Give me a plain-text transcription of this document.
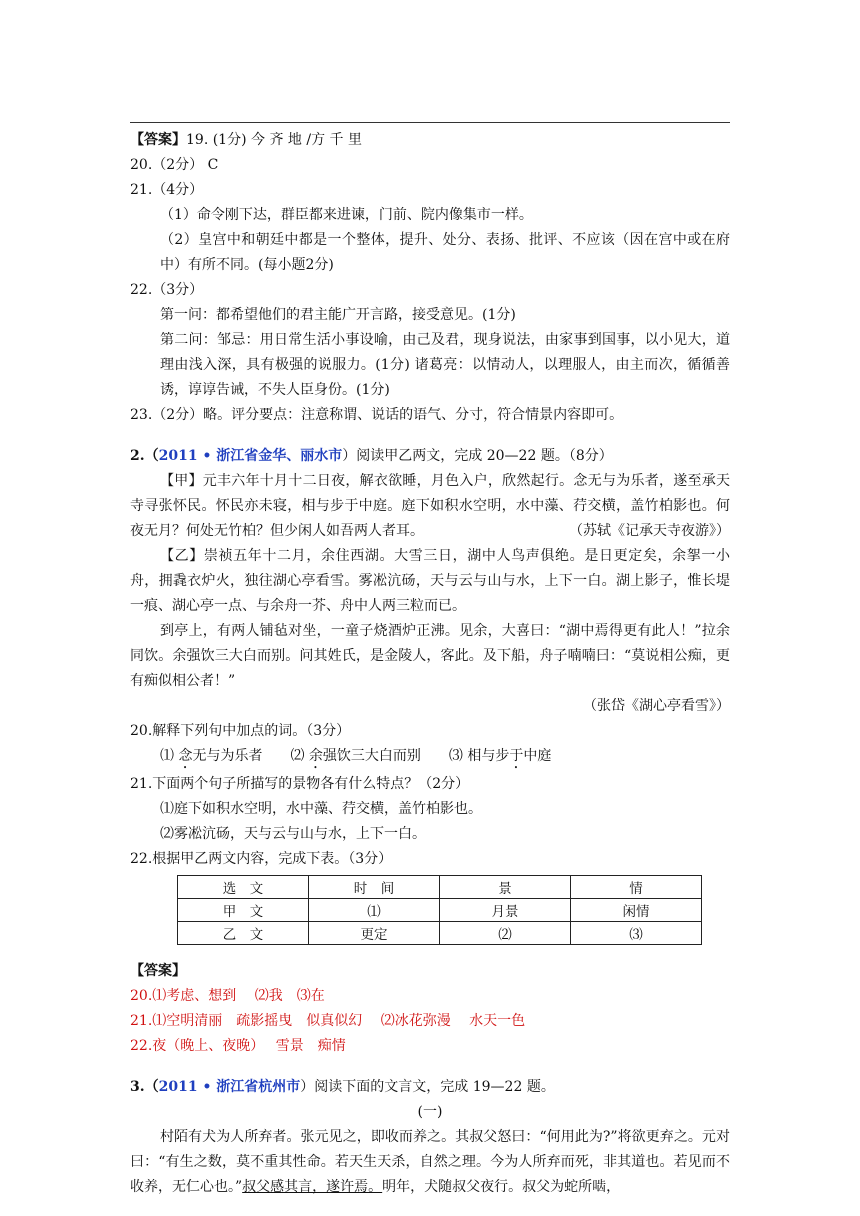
【答案】19. (1分) 今 齐 地 /方 千 里

20.（2分） C

21.（4分）

（1）命令刚下达，群臣都来进谏，门前、院内像集市一样。

（2）皇宫中和朝廷中都是一个整体，提升、处分、表扬、批评、不应该（因在宫中或在府中）有所不同。(每小题2分)

22.（3分）

第一问：都希望他们的君主能广开言路，接受意见。(1分)

第二问：邹忌：用日常生活小事设喻，由己及君，现身说法，由家事到国事，以小见大，道理由浅入深，具有极强的说服力。(1分) 诸葛亮：以情动人，以理服人，由主而次，循循善诱，谆谆告诫，不失人臣身份。(1分)

23.（2分）略。评分要点：注意称谓、说话的语气、分寸，符合情景内容即可。

2.（2011 • 浙江省金华、丽水市）阅读甲乙两文，完成 20—22 题。（8分）

【甲】元丰六年十月十二日夜，解衣欲睡，月色入户，欣然起行。念无与为乐者，遂至承天寺寻张怀民。怀民亦未寝，相与步于中庭。庭下如积水空明，水中藻、荇交横，盖竹柏影也。何夜无月？何处无竹柏？但少闲人如吾两人者耳。	（苏轼《记承天寺夜游》）

【乙】崇祯五年十二月，余住西湖。大雪三日，湖中人鸟声俱绝。是日更定矣，余挐一小舟，拥毳衣炉火，独往湖心亭看雪。雾凇沆砀，天与云与山与水，上下一白。湖上影子，惟长堤一痕、湖心亭一点、与余舟一芥、舟中人两三粒而已。

到亭上，有两人铺毡对坐，一童子烧酒炉正沸。见余，大喜曰：“湖中焉得更有此人！”拉余同饮。余强饮三大白而别。问其姓氏，是金陵人，客此。及下船，舟子喃喃曰：“莫说相公痴，更有痴似相公者！”

（张岱《湖心亭看雪》）

20.解释下列句中加点的词。（3分）

⑴ 念无与为乐者 ⑵ 余强饮三大白而别 ⑶ 相与步于中庭

21.下面两个句子所描写的景物各有什么特点？（2分）

⑴庭下如积水空明，水中藻、荇交横，盖竹柏影也。

⑵雾凇沆砀，天与云与山与水，上下一白。

22.根据甲乙两文内容，完成下表。（3分）

选　文	时　间	景	情
甲　文	⑴	月景	闲情
乙　文	更定	⑵	⑶

【答案】

20.⑴考虑、想到　 ⑵我　⑶在

21.⑴空明清丽　疏影摇曳　似真似幻　 ⑵冰花弥漫　 水天一色

22.夜（晚上、夜晚）　 雪景　痴情

3.（2011 • 浙江省杭州市）阅读下面的文言文，完成 19—22 题。

(一)

村陌有犬为人所弃者。张元见之，即收而养之。其叔父怒曰：“何用此为?”将欲更弃之。元对曰：“有生之数，莫不重其性命。若天生天杀，自然之理。今为人所弃而死，非其道也。若见而不收养，无仁心也。”叔父感其言，遂许焉。明年，犬随叔父夜行。叔父为蛇所啮，
